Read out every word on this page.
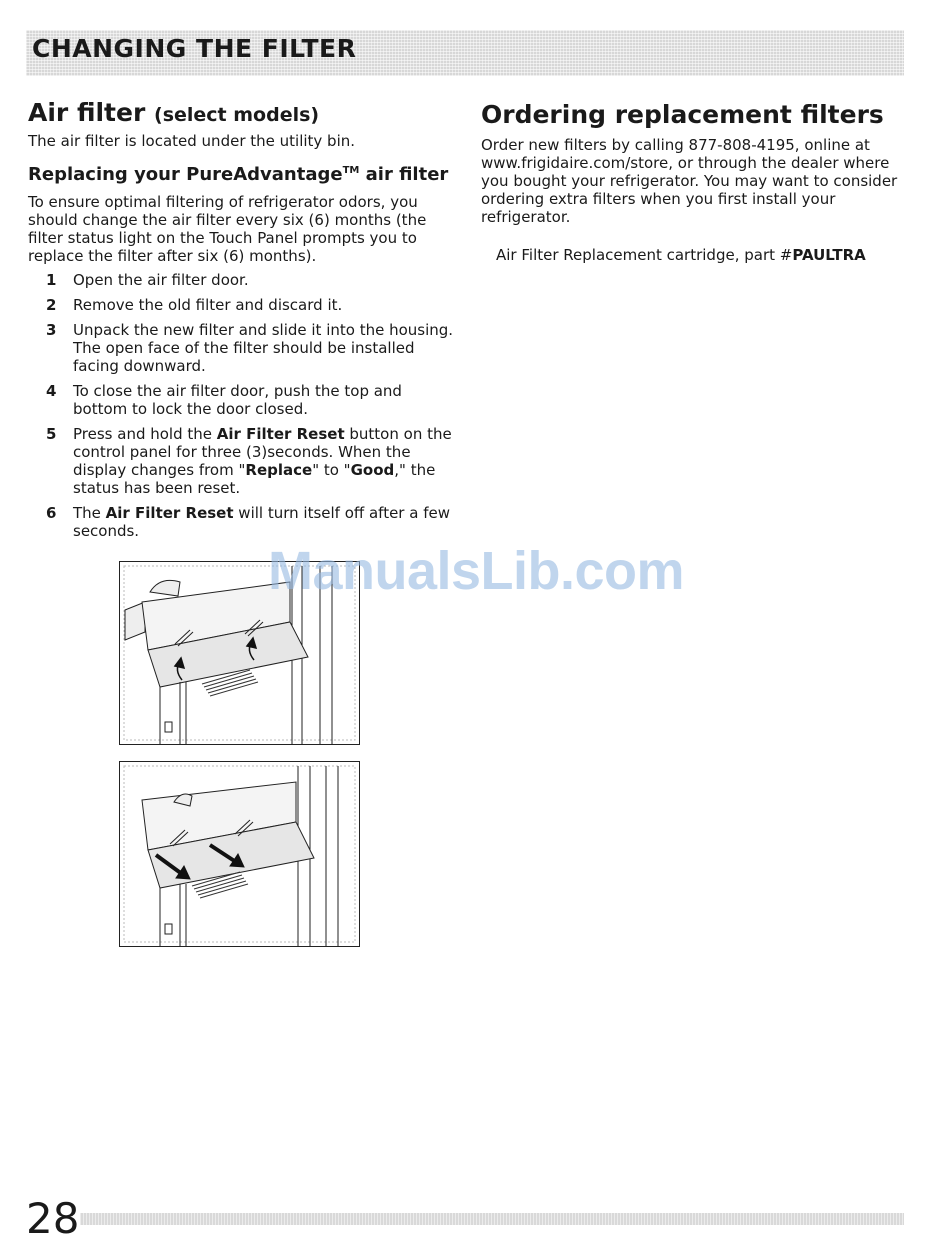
CHANGING THE FILTER
Air filter (select models)

The air filter is located under the utility bin.

Replacing your PureAdvantage™ air filter

To ensure optimal filtering of refrigerator odors, you should change the air filter every six (6) months (the filter status light on the Touch Panel prompts you to replace the filter after six (6) months).

1	Open the air filter door.
2	Remove the old filter and discard it.
3	Unpack the new filter and slide it into the housing. The open face of the filter should be installed facing downward.
4	To close the air filter door, push the top and bottom to lock the door closed.
5	Press and hold the Air Filter Reset button on the control panel for three (3)seconds. When the display changes from "Replace" to "Good," the status has been reset.
6	The Air Filter Reset will turn itself off after a few seconds.
Ordering replacement filters

Order new filters by calling 877-808-4195, online at www.frigidaire.com/store, or through the dealer where you bought your refrigerator. You may want to consider ordering extra filters when you first install your refrigerator.

Air Filter Replacement cartridge, part #PAULTRA

ManualsLib.com
28
